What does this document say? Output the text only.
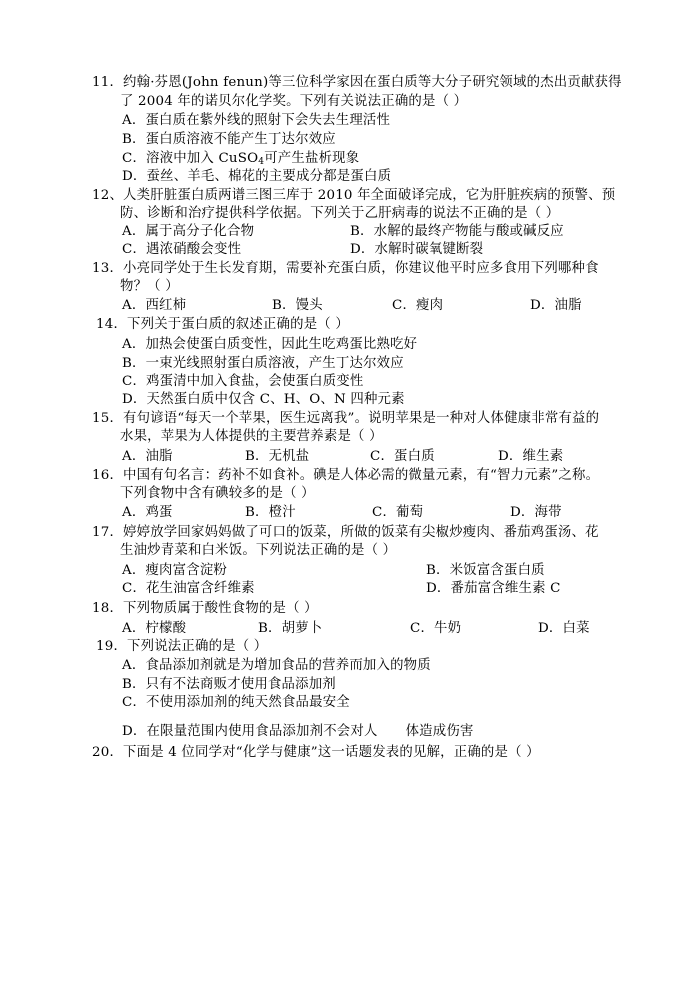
11．约翰·芬恩(John fenun)等三位科学家因在蛋白质等大分子研究领域的杰出贡献获得
了 2004 年的诺贝尔化学奖。下列有关说法正确的是（ ）
A．蛋白质在紫外线的照射下会失去生理活性
B．蛋白质溶液不能产生丁达尔效应
C．溶液中加入 CuSO$_4$可产生盐析现象
D．蚕丝、羊毛、棉花的主要成分都是蛋白质
12、人类肝脏蛋白质两谱三图三库于 2010 年全面破译完成，它为肝脏疾病的预警、预
防、诊断和治疗提供科学依据。下列关于乙肝病毒的说法不正确的是（ ）
A．属于高分子化合物	B．水解的最终产物能与酸或碱反应
C．遇浓硝酸会变性	D．水解时碳氧键断裂
13．小亮同学处于生长发育期，需要补充蛋白质，你建议他平时应多食用下列哪种食
物？（ ）
A．西红柿	B．馒头	C．瘦肉	D．油脂
14．下列关于蛋白质的叙述正确的是（ ）
A．加热会使蛋白质变性，因此生吃鸡蛋比熟吃好
B．一束光线照射蛋白质溶液，产生丁达尔效应
C．鸡蛋清中加入食盐，会使蛋白质变性
D．天然蛋白质中仅含 C、H、O、N 四种元素
15．有句谚语“每天一个苹果，医生远离我”。说明苹果是一种对人体健康非常有益的
水果，苹果为人体提供的主要营养素是（ ）
A．油脂	B．无机盐	C．蛋白质	D．维生素
16．中国有句名言：药补不如食补。碘是人体必需的微量元素，有“智力元素”之称。
下列食物中含有碘较多的是（ ）
A．鸡蛋	B．橙汁	C．葡萄	D．海带
17．婷婷放学回家妈妈做了可口的饭菜，所做的饭菜有尖椒炒瘦肉、番茄鸡蛋汤、花
生油炒青菜和白米饭。下列说法正确的是（ ）
A．瘦肉富含淀粉	B．米饭富含蛋白质
C．花生油富含纤维素	D．番茄富含维生素 C
18．下列物质属于酸性食物的是（ ）
A．柠檬酸	B．胡萝卜	C．牛奶	D．白菜
19．下列说法正确的是（ ）
A．食品添加剂就是为增加食品的营养而加入的物质
B．只有不法商贩才使用食品添加剂
C．不使用添加剂的纯天然食品最安全
D．在限量范围内使用食品添加剂不会对人 体造成伤害
20．下面是 4 位同学对“化学与健康”这一话题发表的见解，正确的是（ ）
